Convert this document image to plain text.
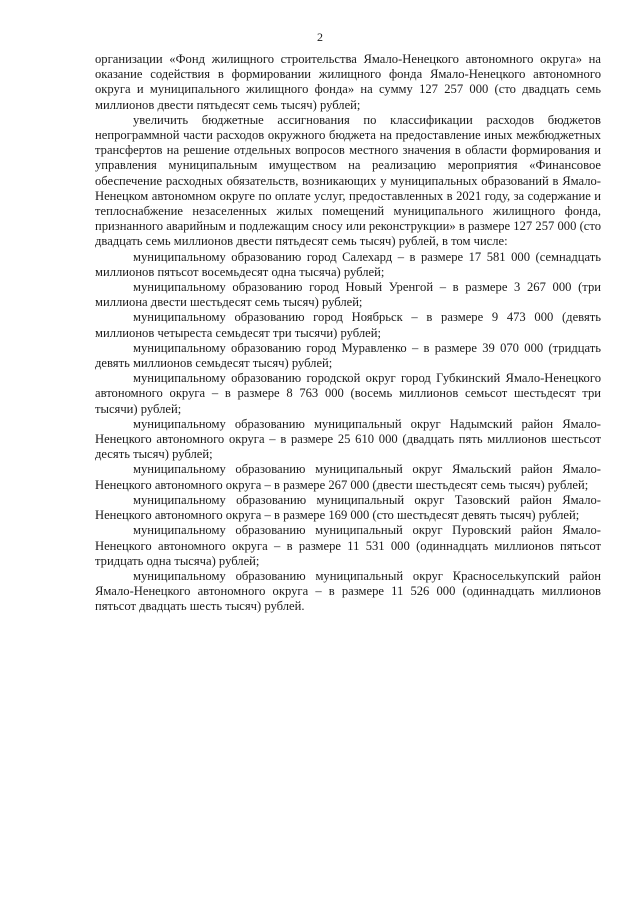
2

организации «Фонд жилищного строительства Ямало-Ненецкого автономного округа» на оказание содействия в формировании жилищного фонда Ямало-Ненецкого автономного округа и муниципального жилищного фонда» на сумму 127 257 000 (сто двадцать семь миллионов двести пятьдесят семь тысяч) рублей;

увеличить бюджетные ассигнования по классификации расходов бюджетов непрограммной части расходов окружного бюджета на предоставление иных межбюджетных трансфертов на решение отдельных вопросов местного значения в области формирования и управления муниципальным имуществом на реализацию мероприятия «Финансовое обеспечение расходных обязательств, возникающих у муниципальных образований в Ямало-Ненецком автономном округе по оплате услуг, предоставленных в 2021 году, за содержание и теплоснабжение незаселенных жилых помещений муниципального жилищного фонда, признанного аварийным и подлежащим сносу или реконструкции» в размере 127 257 000 (сто двадцать семь миллионов двести пятьдесят семь тысяч) рублей, в том числе:

муниципальному образованию город Салехард – в размере 17 581 000 (семнадцать миллионов пятьсот восемьдесят одна тысяча) рублей;

муниципальному образованию город Новый Уренгой – в размере 3 267 000 (три миллиона двести шестьдесят семь тысяч) рублей;

муниципальному образованию город Ноябрьск – в размере 9 473 000 (девять миллионов четыреста семьдесят три тысячи) рублей;

муниципальному образованию город Муравленко – в размере 39 070 000 (тридцать девять миллионов семьдесят тысяч) рублей;

муниципальному образованию городской округ город Губкинский Ямало-Ненецкого автономного округа – в размере 8 763 000 (восемь миллионов семьсот шестьдесят три тысячи) рублей;

муниципальному образованию муниципальный округ Надымский район Ямало-Ненецкого автономного округа – в размере 25 610 000 (двадцать пять миллионов шестьсот десять тысяч) рублей;

муниципальному образованию муниципальный округ Ямальский район Ямало-Ненецкого автономного округа – в размере 267 000 (двести шестьдесят семь тысяч) рублей;

муниципальному образованию муниципальный округ Тазовский район Ямало-Ненецкого автономного округа – в размере 169 000 (сто шестьдесят девять тысяч) рублей;

муниципальному образованию муниципальный округ Пуровский район Ямало-Ненецкого автономного округа – в размере 11 531 000 (одиннадцать миллионов пятьсот тридцать одна тысяча) рублей;

муниципальному образованию муниципальный округ Красноселькупский район Ямало-Ненецкого автономного округа – в размере 11 526 000 (одиннадцать миллионов пятьсот двадцать шесть тысяч) рублей.
